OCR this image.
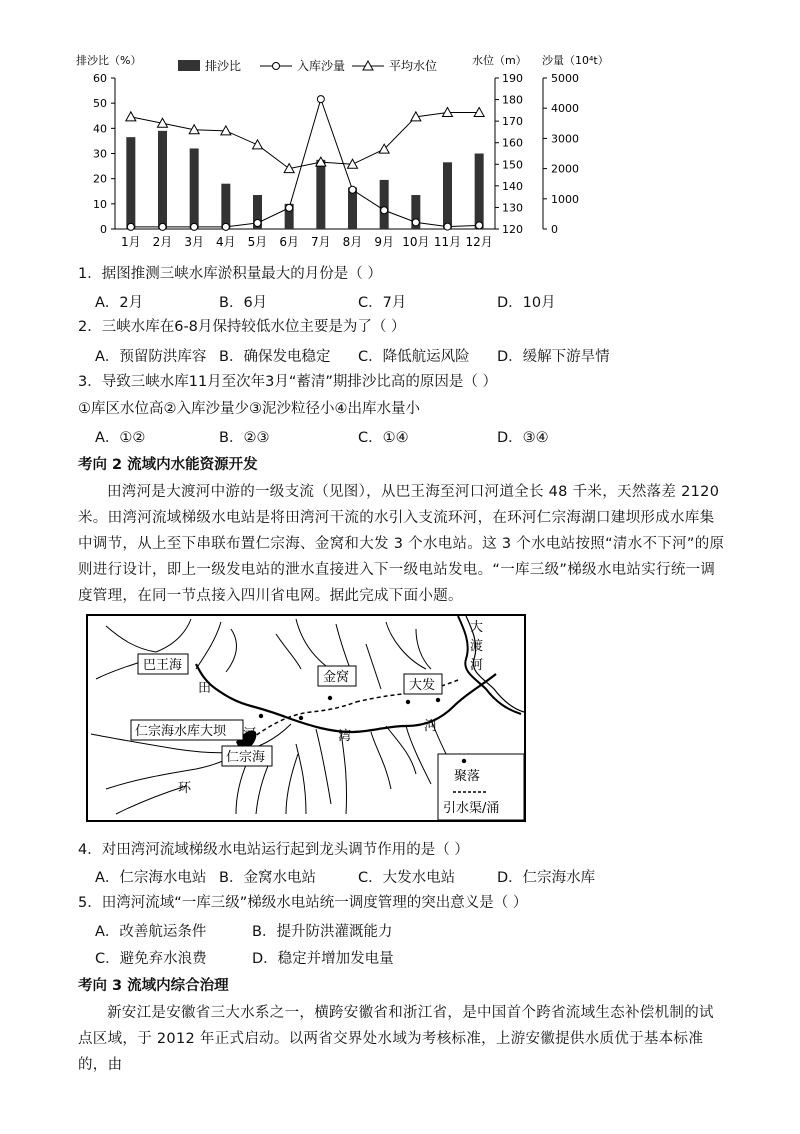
0
10
20
30
40
50
60
120
130
140
150
160
170
180
190
0
1000
2000
3000
4000
5000
排沙比（%）	水位（m） 沙量（10⁴t）
1月 2月 3月 4月 5月 6月 7月 8月 9月 10月 11月 12月
排沙比	入库沙量	平均水位
1．据图推测三峡水库淤积量最大的月份是（ ）
A．2月	B．6月	C．7月	D．10月
2．三峡水库在6-8月保持较低水位主要是为了（ ）
A．预留防洪库容 B．确保发电稳定 C．降低航运风险 D．缓解下游旱情
3．导致三峡水库11月至次年3月“蓄清”期排沙比高的原因是（ ）
①库区水位高②入库沙量少③泥沙粒径小④出库水量小
A．①②	B．②③	C．①④	D．③④
考向 2 流域内水能资源开发
田湾河是大渡河中游的一级支流（见图），从巴王海至河口河道全长 48 千米，天然落差 2120 米。田湾河流域梯级水电站是将田湾河干流的水引入支流环河，在环河仁宗海湖口建坝形成水库集中调节，从上至下串联布置仁宗海、金窝和大发 3 个水电站。这 3 个水电站按照“清水不下河”的原则进行设计，即上一级发电站的泄水直接进入下一级电站发电。“一库三级”梯级水电站实行统一调度管理，在同一节点接入四川省电网。据此完成下面小题。
巴王海
田
河	湾
河
金窝
大发
大
渡
河
仁宗海水库大坝
仁宗海
环
聚落
引水渠/涌
4．对田湾河流域梯级水电站运行起到龙头调节作用的是（ ）
A．仁宗海水电站 B．金窝水电站	C．大发水电站	D．仁宗海水库
5．田湾河流域“一库三级”梯级水电站统一调度管理的突出意义是（ ）
A．改善航运条件	B．提升防洪灌溉能力
C．避免弃水浪费	D．稳定并增加发电量
考向 3 流域内综合治理
新安江是安徽省三大水系之一，横跨安徽省和浙江省，是中国首个跨省流域生态补偿机制的试点区域，于 2012 年正式启动。以两省交界处水域为考核标准，上游安徽提供水质优于基本标准的，由
